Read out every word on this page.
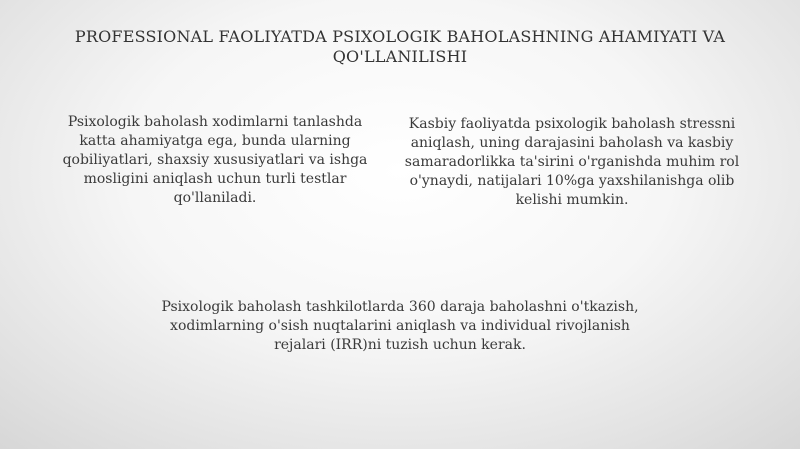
PROFESSIONAL FAOLIYATDA PSIXOLOGIK BAHOLASHNING AHAMIYATI VA QO'LLANILISHI

Psixologik baholash xodimlarni tanlashda katta ahamiyatga ega, bunda ularning qobiliyatlari, shaxsiy xususiyatlari va ishga mosligini aniqlash uchun turli testlar qo'llaniladi.

Kasbiy faoliyatda psixologik baholash stressni aniqlash, uning darajasini baholash va kasbiy samaradorlikka ta'sirini o'rganishda muhim rol o'ynaydi, natijalari 10%ga yaxshilanishga olib kelishi mumkin.

Psixologik baholash tashkilotlarda 360 daraja baholashni o'tkazish, xodimlarning o'sish nuqtalarini aniqlash va individual rivojlanish rejalari (IRR)ni tuzish uchun kerak.
